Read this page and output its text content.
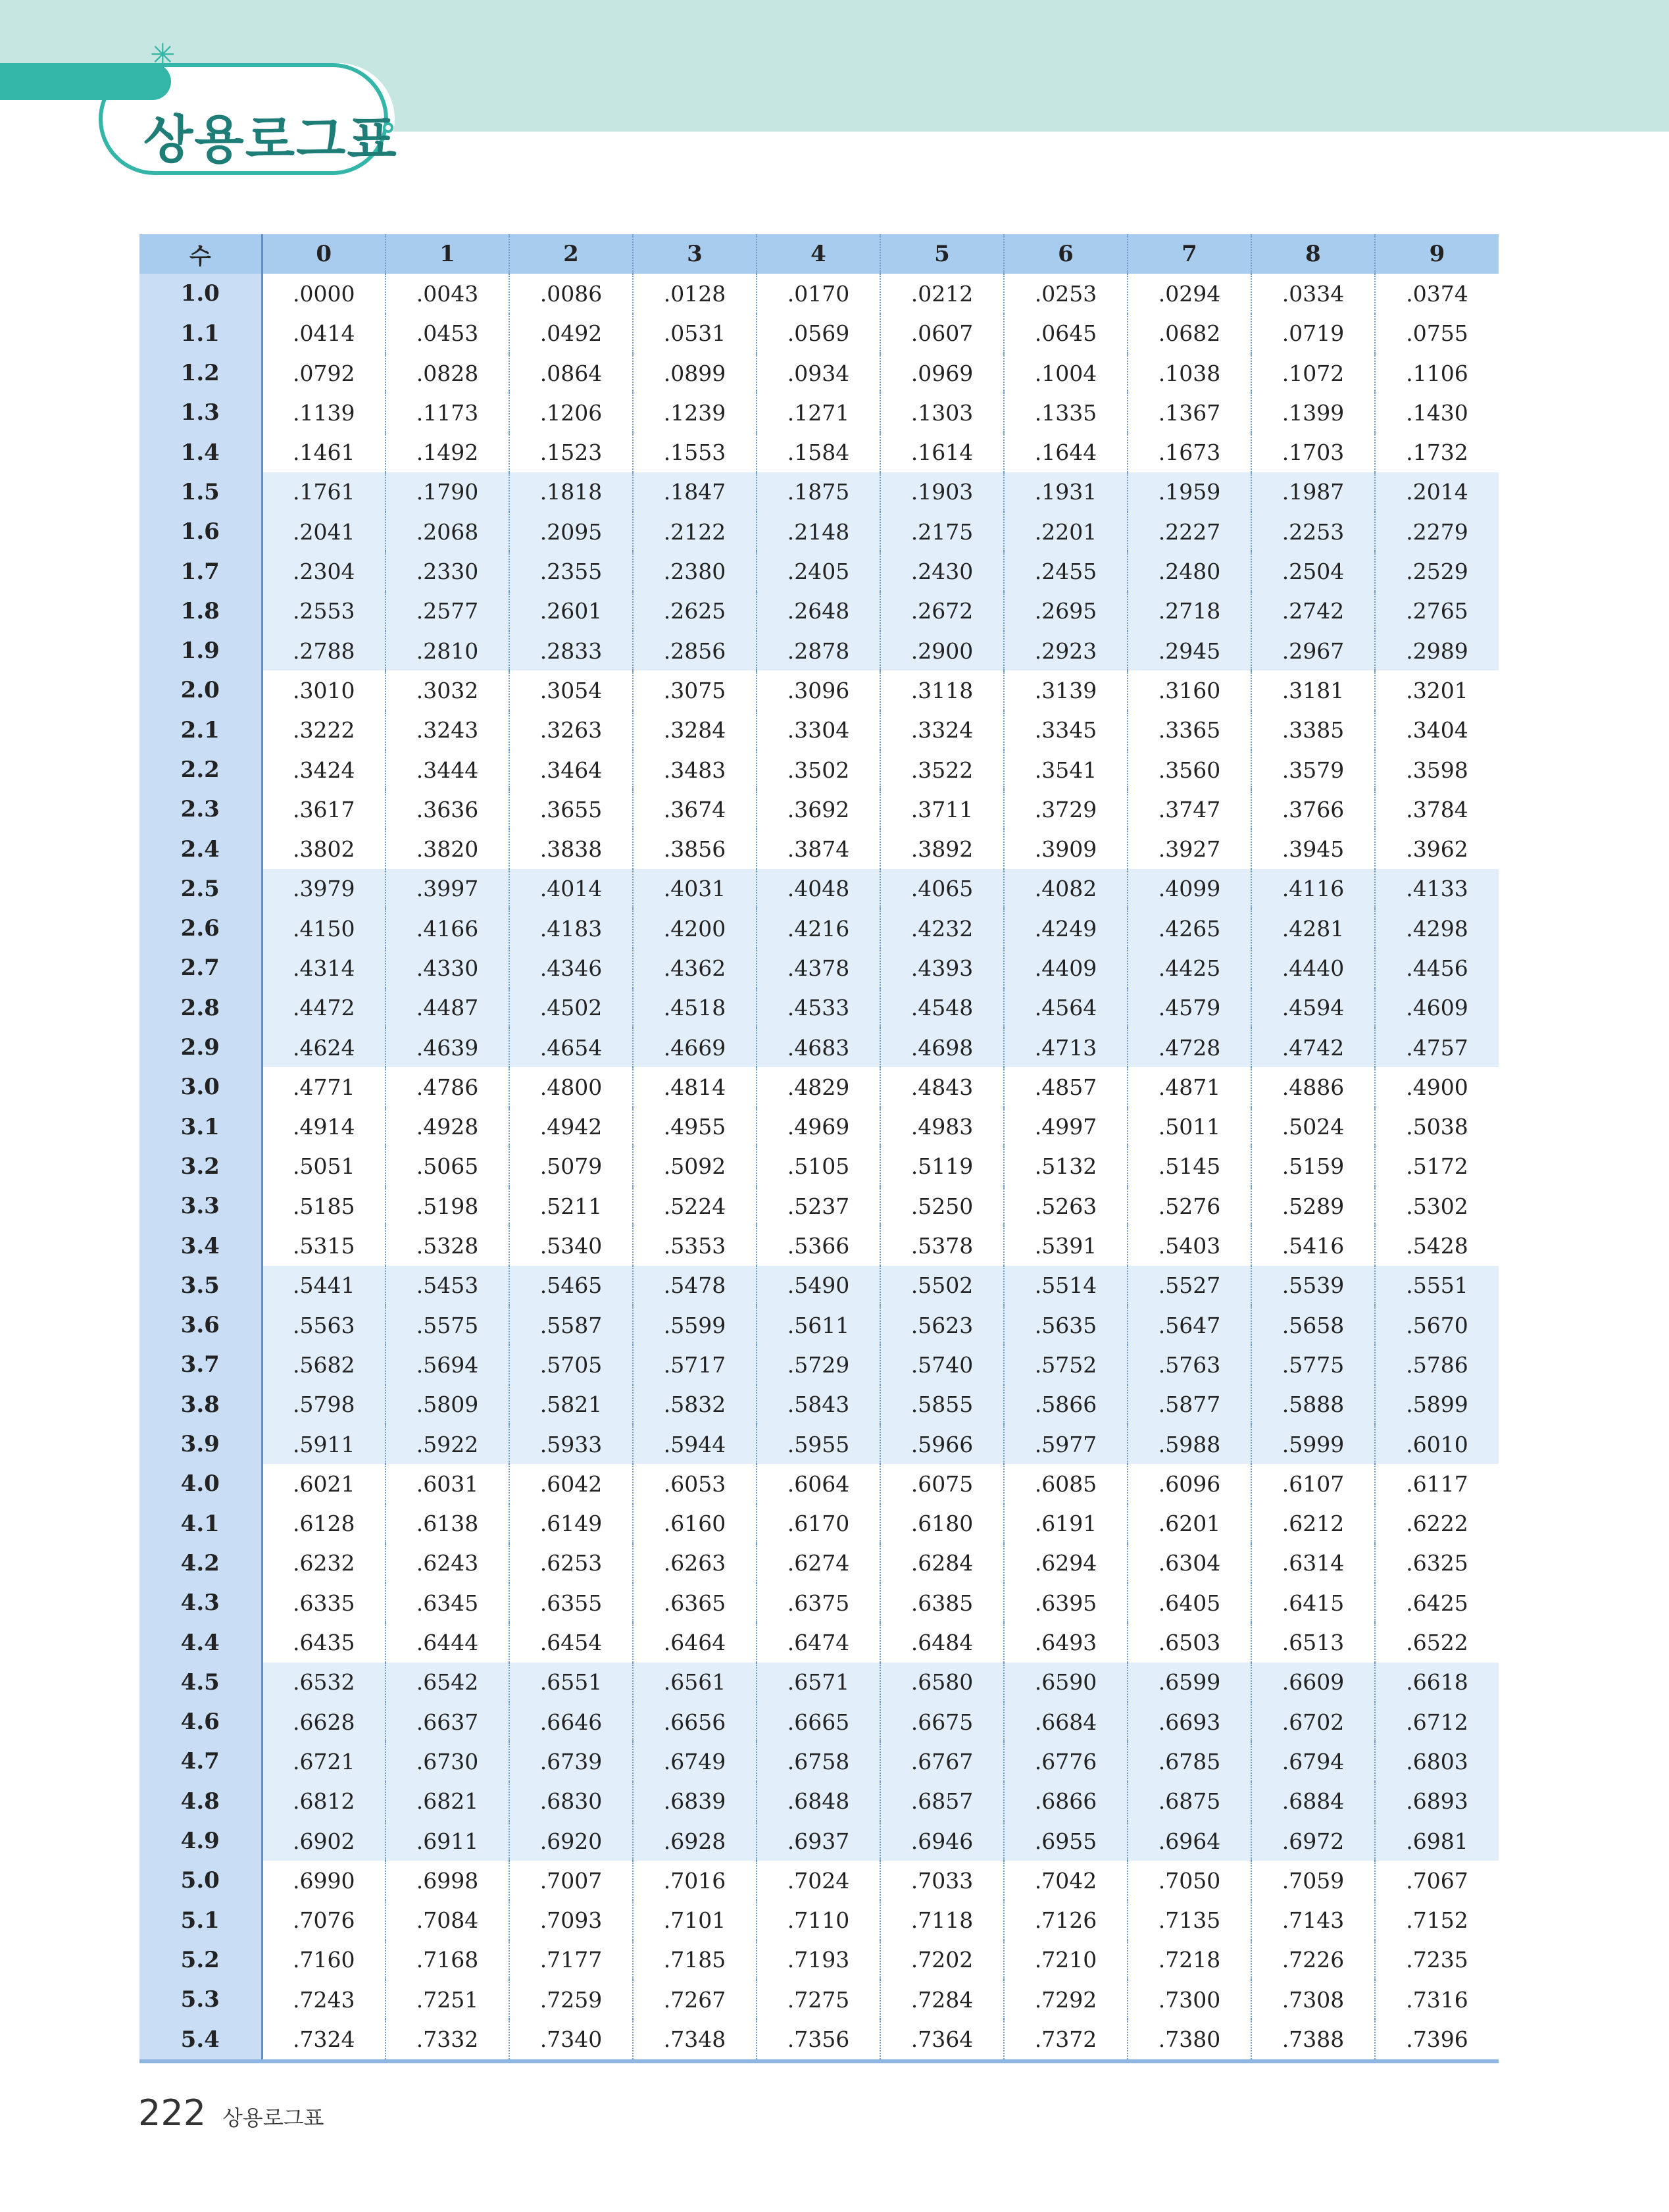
✳
상용로그표
수	0	1	2	3	4	5	6	7	8	9
1.0	.0000	.0043	.0086	.0128	.0170	.0212	.0253	.0294	.0334	.0374
1.1	.0414	.0453	.0492	.0531	.0569	.0607	.0645	.0682	.0719	.0755
1.2	.0792	.0828	.0864	.0899	.0934	.0969	.1004	.1038	.1072	.1106
1.3	.1139	.1173	.1206	.1239	.1271	.1303	.1335	.1367	.1399	.1430
1.4	.1461	.1492	.1523	.1553	.1584	.1614	.1644	.1673	.1703	.1732
1.5	.1761	.1790	.1818	.1847	.1875	.1903	.1931	.1959	.1987	.2014
1.6	.2041	.2068	.2095	.2122	.2148	.2175	.2201	.2227	.2253	.2279
1.7	.2304	.2330	.2355	.2380	.2405	.2430	.2455	.2480	.2504	.2529
1.8	.2553	.2577	.2601	.2625	.2648	.2672	.2695	.2718	.2742	.2765
1.9	.2788	.2810	.2833	.2856	.2878	.2900	.2923	.2945	.2967	.2989
2.0	.3010	.3032	.3054	.3075	.3096	.3118	.3139	.3160	.3181	.3201
2.1	.3222	.3243	.3263	.3284	.3304	.3324	.3345	.3365	.3385	.3404
2.2	.3424	.3444	.3464	.3483	.3502	.3522	.3541	.3560	.3579	.3598
2.3	.3617	.3636	.3655	.3674	.3692	.3711	.3729	.3747	.3766	.3784
2.4	.3802	.3820	.3838	.3856	.3874	.3892	.3909	.3927	.3945	.3962
2.5	.3979	.3997	.4014	.4031	.4048	.4065	.4082	.4099	.4116	.4133
2.6	.4150	.4166	.4183	.4200	.4216	.4232	.4249	.4265	.4281	.4298
2.7	.4314	.4330	.4346	.4362	.4378	.4393	.4409	.4425	.4440	.4456
2.8	.4472	.4487	.4502	.4518	.4533	.4548	.4564	.4579	.4594	.4609
2.9	.4624	.4639	.4654	.4669	.4683	.4698	.4713	.4728	.4742	.4757
3.0	.4771	.4786	.4800	.4814	.4829	.4843	.4857	.4871	.4886	.4900
3.1	.4914	.4928	.4942	.4955	.4969	.4983	.4997	.5011	.5024	.5038
3.2	.5051	.5065	.5079	.5092	.5105	.5119	.5132	.5145	.5159	.5172
3.3	.5185	.5198	.5211	.5224	.5237	.5250	.5263	.5276	.5289	.5302
3.4	.5315	.5328	.5340	.5353	.5366	.5378	.5391	.5403	.5416	.5428
3.5	.5441	.5453	.5465	.5478	.5490	.5502	.5514	.5527	.5539	.5551
3.6	.5563	.5575	.5587	.5599	.5611	.5623	.5635	.5647	.5658	.5670
3.7	.5682	.5694	.5705	.5717	.5729	.5740	.5752	.5763	.5775	.5786
3.8	.5798	.5809	.5821	.5832	.5843	.5855	.5866	.5877	.5888	.5899
3.9	.5911	.5922	.5933	.5944	.5955	.5966	.5977	.5988	.5999	.6010
4.0	.6021	.6031	.6042	.6053	.6064	.6075	.6085	.6096	.6107	.6117
4.1	.6128	.6138	.6149	.6160	.6170	.6180	.6191	.6201	.6212	.6222
4.2	.6232	.6243	.6253	.6263	.6274	.6284	.6294	.6304	.6314	.6325
4.3	.6335	.6345	.6355	.6365	.6375	.6385	.6395	.6405	.6415	.6425
4.4	.6435	.6444	.6454	.6464	.6474	.6484	.6493	.6503	.6513	.6522
4.5	.6532	.6542	.6551	.6561	.6571	.6580	.6590	.6599	.6609	.6618
4.6	.6628	.6637	.6646	.6656	.6665	.6675	.6684	.6693	.6702	.6712
4.7	.6721	.6730	.6739	.6749	.6758	.6767	.6776	.6785	.6794	.6803
4.8	.6812	.6821	.6830	.6839	.6848	.6857	.6866	.6875	.6884	.6893
4.9	.6902	.6911	.6920	.6928	.6937	.6946	.6955	.6964	.6972	.6981
5.0	.6990	.6998	.7007	.7016	.7024	.7033	.7042	.7050	.7059	.7067
5.1	.7076	.7084	.7093	.7101	.7110	.7118	.7126	.7135	.7143	.7152
5.2	.7160	.7168	.7177	.7185	.7193	.7202	.7210	.7218	.7226	.7235
5.3	.7243	.7251	.7259	.7267	.7275	.7284	.7292	.7300	.7308	.7316
5.4	.7324	.7332	.7340	.7348	.7356	.7364	.7372	.7380	.7388	.7396
222 상용로그표
